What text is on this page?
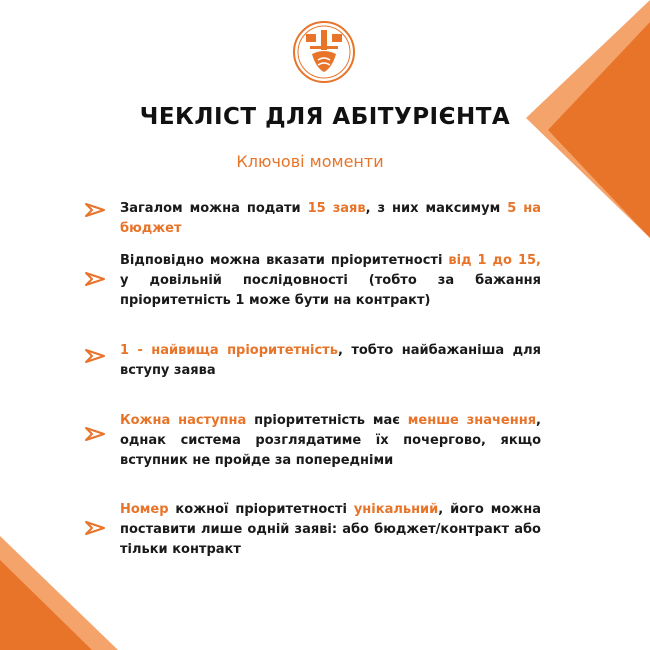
ЧЕКЛІСТ ДЛЯ АБІТУРІЄНТА
Ключові моменти
Загалом можна подати 15 заяв, з них максимум 5 на бюджет
Відповідно можна вказати пріоритетності від 1 до 15, у довільній послідовності (тобто за бажання пріоритетність 1 може бути на контракт)
1 - найвища пріоритетність, тобто найбажаніша для вступу заява
Кожна наступна пріоритетність має менше значення, однак система розглядатиме їх почергово, якщо вступник не пройде за попередніми
Номер кожної пріоритетності унікальний, його можна поставити лише одній заяві: або бюджет/контракт або тільки контракт
